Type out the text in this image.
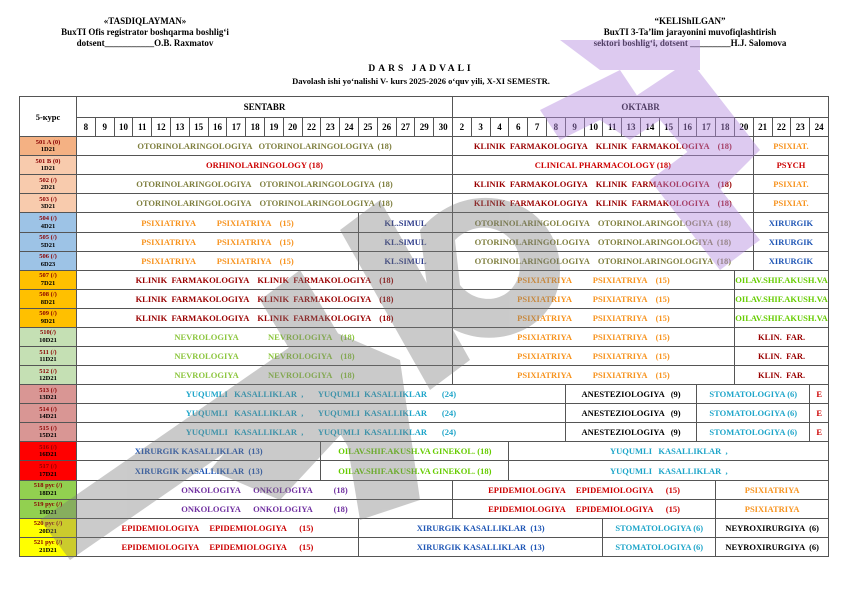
«TASDIQLAYMAN»
BuxTI Ofis registrator boshqarma boshlig‘i
dotsent___________O.B. Raxmatov
“KELIShILGAN”
BuxTI 3-Ta’lim jarayonini muvofiqlashtirish
sektori boshlig‘i, dotsent _________H.J. Salomova
DARS JADVALI
Davolash ishi yo‘nalishi V- kurs 2025-2026 o‘quv yili, X-XI SEMESTR.
5-курс	SENTABR																				OKTABR																			
	8	9	10	11	12	13	15	16	17	18	19	20	22	23	24	25	26	27	29	30	2	3	4	6	7	8	9	10	11	13	14	15	16	17	18	20	21	22	23	24

501 A (0)
1D21	OTORINOLARINGOLOGIYA   OTORINOLARINGOLOGIYA  (18)																				KLINIK  FARMAKOLOGIYA    KLINIK  FARMAKOLOGIYA    (18)																PSIXIAT.			

501 B (0)
1D21	ORHINOLARINGOLOGY (18)																				CLINICAL PHARMACOLOGY (18)																PSYCH			

502 (/)
2D21	OTORINOLARINGOLOGIYA    OTORINOLARINGOLOGIYA  (18)																				KLINIK  FARMAKOLOGIYA    KLINIK  FARMAKOLOGIYA    (18)																PSIXIAT.			

503 (/)
3D21	OTORINOLARINGOLOGIYA    OTORINOLARINGOLOGIYA  (18)																				KLINIK  FARMAKOLOGIYA    KLINIK  FARMAKOLOGIYA    (18)																PSIXIAT.			

504 (/)
4D21	PSIXIATRIYA          PSIXIATRIYA    (15)															KL.SIMUL					OTORINOLARINGOLOGIYA    OTORINOLARINGOLOGIYA  (18)																XIRURGIK			

505 (/)
5D21	PSIXIATRIYA          PSIXIATRIYA    (15)															KL.SIMUL					OTORINOLARINGOLOGIYA    OTORINOLARINGOLOGIYA  (18)																XIRURGIK			

506 (/)
6D23	PSIXIATRIYA          PSIXIATRIYA    (15)															KL.SIMUL					OTORINOLARINGOLOGIYA    OTORINOLARINGOLOGIYA  (18)																XIRURGIK			

507 (/)
7D21	KLINIK  FARMAKOLOGIYA    KLINIK  FARMAKOLOGIYA    (18)																				PSIXIATRIYA          PSIXIATRIYA    (15)															OILAV.SHIF.AKUSH.VA				

508 (/)
8D21	KLINIK  FARMAKOLOGIYA    KLINIK  FARMAKOLOGIYA    (18)																				PSIXIATRIYA          PSIXIATRIYA    (15)															OILAV.SHIF.AKUSH.VA				

509 (/)
9D21	KLINIK  FARMAKOLOGIYA    KLINIK  FARMAKOLOGIYA    (18)																				PSIXIATRIYA          PSIXIATRIYA    (15)															OILAV.SHIF.AKUSH.VA				

510(/)
10D21	NEVROLOGIYA              NEVROLOGIYA    (18)																				PSIXIATRIYA          PSIXIATRIYA    (15)															KLIN.  FAR.				

511 (/)
11D21	NEVROLOGIYA              NEVROLOGIYA    (18)																				PSIXIATRIYA          PSIXIATRIYA    (15)															KLIN.  FAR.				

512 (/)
12D21	NEVROLOGIYA              NEVROLOGIYA    (18)																				PSIXIATRIYA          PSIXIATRIYA    (15)															KLIN.  FAR.				

513 (/)
13D21	YUQUMLI   KASALLIKLAR  ,       YUQUMLI  KASALLIKLAR       (24)																										ANESTEZIOLOGIYA   (9)							STOMATOLOGIYA (6)						E

514 (/)
14D21	YUQUMLI   KASALLIKLAR  ,       YUQUMLI  KASALLIKLAR       (24)																										ANESTEZIOLOGIYA   (9)							STOMATOLOGIYA (6)						E

515 (/)
15D21	YUQUMLI   KASALLIKLAR  ,       YUQUMLI  KASALLIKLAR       (24)																										ANESTEZIOLOGIYA   (9)							STOMATOLOGIYA (6)						E

516 (/)
16D21	XIRURGIK KASALLIKLAR  (13)													OILAV.SHIF.AKUSH.VA GINEKOL. (18)										YUQUMLI   KASALLIKLAR  ,																

517 (/)
17D21	XIRURGIK KASALLIKLAR  (13)													OILAV.SHIF.AKUSH.VA GINEKOL. (18)										YUQUMLI   KASALLIKLAR  ,																

518 рус (/)
18D21	ONKOLOGIYA      ONKOLOGIYA          (18)																				EPIDEMIOLOGIYA     EPIDEMIOLOGIYA      (15)														PSIXIATRIYA					

519 рус (/)
19D21	ONKOLOGIYA      ONKOLOGIYA          (18)																				EPIDEMIOLOGIYA     EPIDEMIOLOGIYA      (15)														PSIXIATRIYA					

520 рус (/)
20D21	EPIDEMIOLOGIYA     EPIDEMIOLOGIYA      (15)															XIRURGIK KASALLIKLAR  (13)													STOMATOLOGIYA (6)						NEYROXIRURGIYA  (6)					

521 рус (/)
21D21	EPIDEMIOLOGIYA     EPIDEMIOLOGIYA      (15)															XIRURGIK KASALLIKLAR  (13)													STOMATOLOGIYA (6)						NEYROXIRURGIYA  (6)					
